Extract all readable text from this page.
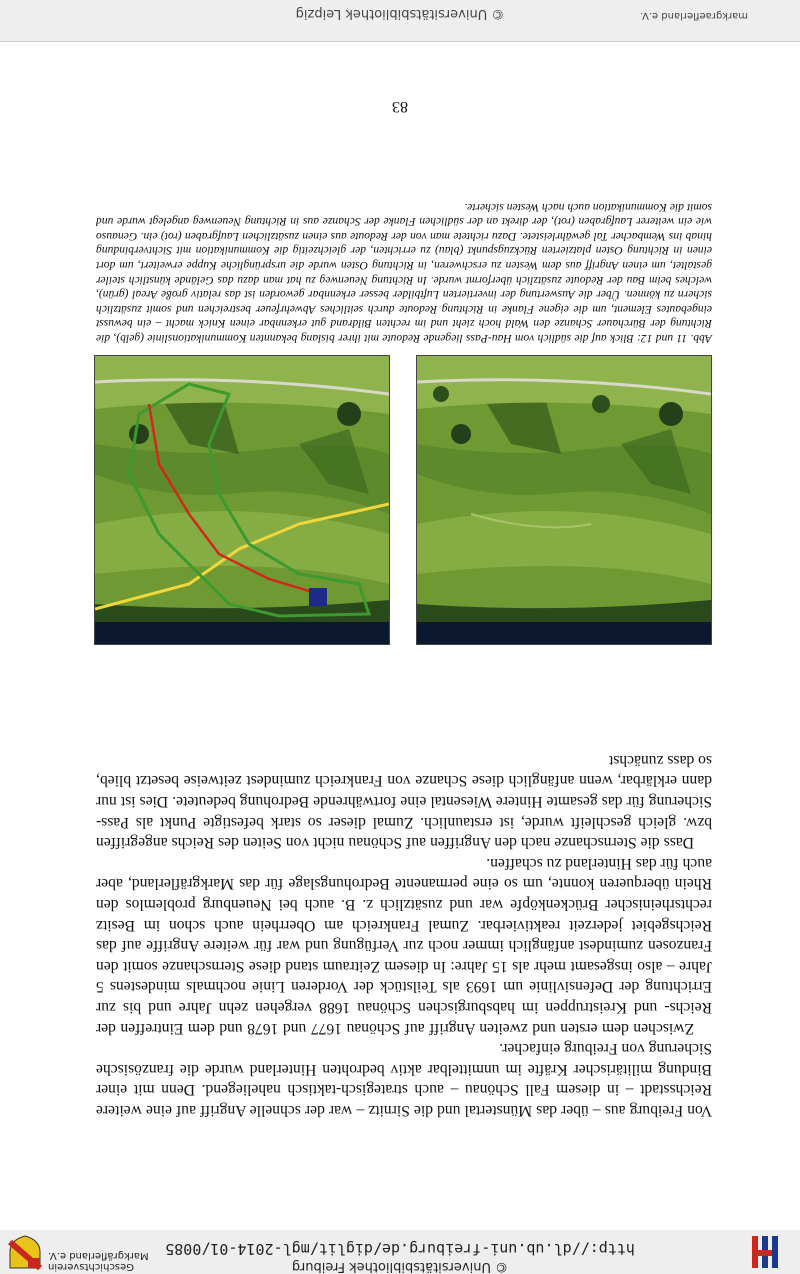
© Universitätsbibliothek Freiburg
http://dl.ub.uni-freiburg.de/diglit/mgl-2014-01/0085
Geschichtsverein
Markgräflerland e.V.

Von Freiburg aus – über das Münstertal und die Sirnitz – war der schnelle Angriff auf eine weitere Reichsstadt – in diesem Fall Schönau – auch strategisch-taktisch naheliegend. Denn mit einer Bindung militärischer Kräfte im unmittelbar aktiv bedrohten Hinterland wurde die französische Sicherung von Freiburg einfacher.

Zwischen dem ersten und zweiten Angriff auf Schönau 1677 und 1678 und dem Eintreffen der Reichs- und Kreistruppen im habsburgischen Schönau 1688 vergehen zehn Jahre und bis zur Errichtung der Defensivlinie um 1693 als Teilstück der Vorderen Linie nochmals mindestens 5 Jahre – also insgesamt mehr als 15 Jahre: In diesem Zeitraum stand diese Sternschanze somit den Franzosen zumindest anfänglich immer noch zur Verfügung und war für weitere Angriffe auf das Reichsgebiet jederzeit reaktivierbar. Zumal Frankreich am Oberrhein auch schon im Besitz rechtsrheinischer Brückenköpfe war und zusätzlich z. B. auch bei Neuenburg problemlos den Rhein überqueren konnte, um so eine permanente Bedrohungslage für das Markgräflerland, aber auch für das Hinterland zu schaffen.

Dass die Sternschanze nach den Angriffen auf Schönau nicht von Seiten des Reichs angegriffen bzw. gleich geschleift wurde, ist erstaunlich. Zumal dieser so stark befestigte Punkt als Pass-Sicherung für das gesamte Hintere Wiesental eine fortwährende Bedrohung bedeutete. Dies ist nur dann erklärbar, wenn anfänglich diese Schanze von Frankreich zumindest zeitweise besetzt blieb, so dass zunächst

Abb. 11 und 12: Blick auf die südlich vom Hau-Pass liegende Redoute mit ihrer bislang bekannten Kommunikationslinie (gelb), die Richtung der Bürchauer Schanze den Wald hoch zieht und im rechten Bildrand gut erkennbar einen Knick macht – ein bewusst eingebautes Element, um die eigene Flanke in Richtung Redoute durch seitliches Abwehrfeuer bestreichen und somit zusätzlich sichern zu können. Über die Auswertung der invertierten Luftbilder besser erkennbar geworden ist das relativ große Areal (grün), welches beim Bau der Redoute zusätzlich überformt wurde. In Richtung Neuenweg zu hat man dazu das Gelände künstlich steiler gestaltet, um einen Angriff aus dem Westen zu erschweren, in Richtung Osten wurde die ursprüngliche Kuppe erweitert, um dort einen in Richtung Osten platzierten Rückzugspunkt (blau) zu errichten, der gleichzeitig die Kommunikation mit Sichtverbindung hinab ins Wembacher Tal gewährleistete. Dazu richtete man von der Redoute aus einen zusätzlichen Laufgraben (rot) ein. Genauso wie ein weiterer Laufgraben (rot), der direkt an der südlichen Flanke der Schanze aus in Richtung Neuenweg angelegt wurde und somit die Kommunikation auch nach Westen sicherte.
83
© Universitätsbibliothek Leipzig	markgraeflerland e.V.
